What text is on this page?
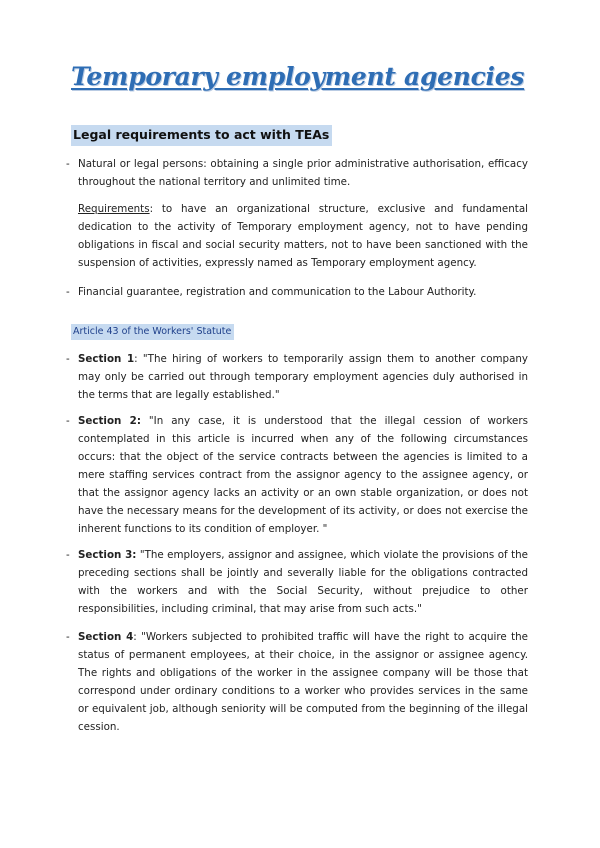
Temporary employment agencies
Legal requirements to act with TEAs
- Natural or legal persons: obtaining a single prior administrative authorisation, efficacy throughout the national territory and unlimited time.
Requirements: to have an organizational structure, exclusive and fundamental dedication to the activity of Temporary employment agency, not to have pending obligations in fiscal and social security matters, not to have been sanctioned with the suspension of activities, expressly named as Temporary employment agency.
- Financial guarantee, registration and communication to the Labour Authority.
Article 43 of the Workers' Statute
- Section 1: "The hiring of workers to temporarily assign them to another company may only be carried out through temporary employment agencies duly authorised in the terms that are legally established."
- Section 2: "In any case, it is understood that the illegal cession of workers contemplated in this article is incurred when any of the following circumstances occurs: that the object of the service contracts between the agencies is limited to a mere staffing services contract from the assignor agency to the assignee agency, or that the assignor agency lacks an activity or an own stable organization, or does not have the necessary means for the development of its activity, or does not exercise the inherent functions to its condition of employer. "
- Section 3: "The employers, assignor and assignee, which violate the provisions of the preceding sections shall be jointly and severally liable for the obligations contracted with the workers and with the Social Security, without prejudice to other responsibilities, including criminal, that may arise from such acts."
- Section 4: "Workers subjected to prohibited traffic will have the right to acquire the status of permanent employees, at their choice, in the assignor or assignee agency. The rights and obligations of the worker in the assignee company will be those that correspond under ordinary conditions to a worker who provides services in the same or equivalent job, although seniority will be computed from the beginning of the illegal cession.
